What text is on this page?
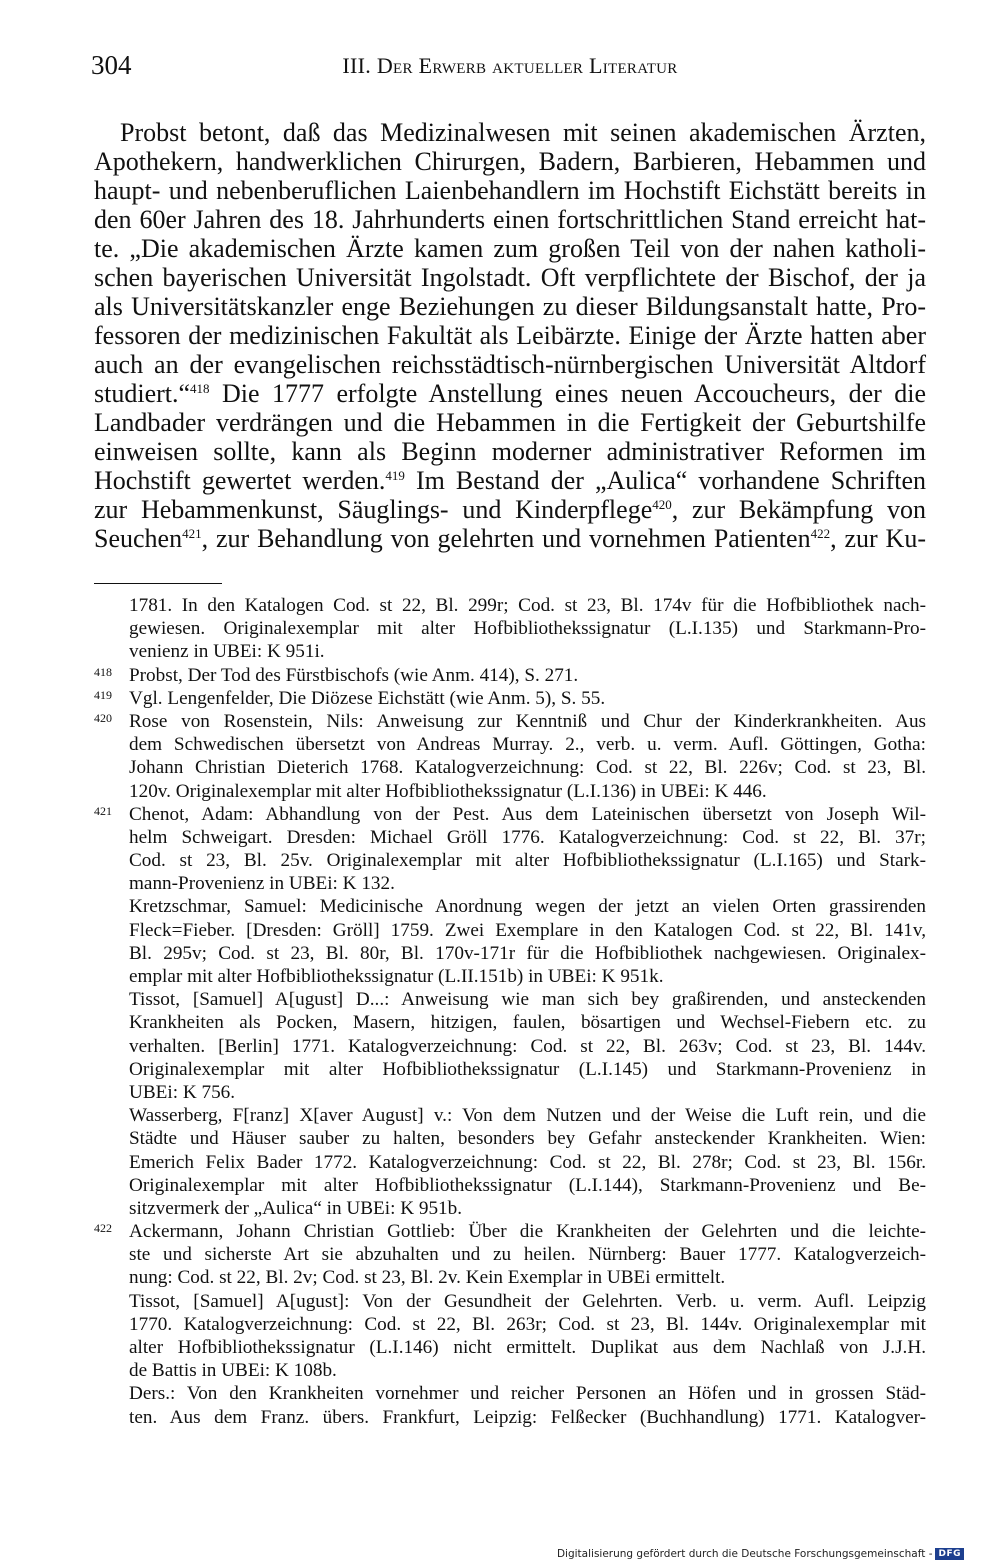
304	III. Der Erwerb aktueller Literatur

Probst betont, daß das Medizinalwesen mit seinen akademischen Ärzten,
Apothekern, handwerklichen Chirurgen, Badern, Barbieren, Hebammen und
haupt- und nebenberuflichen Laienbehandlern im Hochstift Eichstätt bereits in
den 60er Jahren des 18. Jahrhunderts einen fortschrittlichen Stand erreicht hat-
te. „Die akademischen Ärzte kamen zum großen Teil von der nahen katholi-
schen bayerischen Universität Ingolstadt. Oft verpflichtete der Bischof, der ja
als Universitätskanzler enge Beziehungen zu dieser Bildungsanstalt hatte, Pro-
fessoren der medizinischen Fakultät als Leibärzte. Einige der Ärzte hatten aber
auch an der evangelischen reichsstädtisch-nürnbergischen Universität Altdorf
studiert.“$^{418}$ Die 1777 erfolgte Anstellung eines neuen Accoucheurs, der die
Landbader verdrängen und die Hebammen in die Fertigkeit der Geburtshilfe
einweisen sollte, kann als Beginn moderner administrativer Reformen im
Hochstift gewertet werden.$^{419}$ Im Bestand der „Aulica“ vorhandene Schriften
zur Hebammenkunst, Säuglings- und Kinderpflege$^{420}$, zur Bekämpfung von
Seuchen$^{421}$, zur Behandlung von gelehrten und vornehmen Patienten$^{422}$, zur Ku-

1781. In den Katalogen Cod. st 22, Bl. 299r; Cod. st 23, Bl. 174v für die Hofbibliothek nach-
gewiesen. Originalexemplar mit alter Hofbibliothekssignatur (L.I.135) und Starkmann-Pro-
venienz in UBEi: K 951i.
418 Probst, Der Tod des Fürstbischofs (wie Anm. 414), S. 271.
419 Vgl. Lengenfelder, Die Diözese Eichstätt (wie Anm. 5), S. 55.
420 Rose von Rosenstein, Nils: Anweisung zur Kenntniß und Chur der Kinderkrankheiten. Aus
dem Schwedischen übersetzt von Andreas Murray. 2., verb. u. verm. Aufl. Göttingen, Gotha:
Johann Christian Dieterich 1768. Katalogverzeichnung: Cod. st 22, Bl. 226v; Cod. st 23, Bl.
120v. Originalexemplar mit alter Hofbibliothekssignatur (L.I.136) in UBEi: K 446.
421 Chenot, Adam: Abhandlung von der Pest. Aus dem Lateinischen übersetzt von Joseph Wil-
helm Schweigart. Dresden: Michael Gröll 1776. Katalogverzeichnung: Cod. st 22, Bl. 37r;
Cod. st 23, Bl. 25v. Originalexemplar mit alter Hofbibliothekssignatur (L.I.165) und Stark-
mann-Provenienz in UBEi: K 132.
Kretzschmar, Samuel: Medicinische Anordnung wegen der jetzt an vielen Orten grassirenden
Fleck=Fieber. [Dresden: Gröll] 1759. Zwei Exemplare in den Katalogen Cod. st 22, Bl. 141v,
Bl. 295v; Cod. st 23, Bl. 80r, Bl. 170v-171r für die Hofbibliothek nachgewiesen. Originalex-
emplar mit alter Hofbibliothekssignatur (L.II.151b) in UBEi: K 951k.
Tissot, [Samuel] A[ugust] D...: Anweisung wie man sich bey graßirenden, und ansteckenden
Krankheiten als Pocken, Masern, hitzigen, faulen, bösartigen und Wechsel-Fiebern etc. zu
verhalten. [Berlin] 1771. Katalogverzeichnung: Cod. st 22, Bl. 263v; Cod. st 23, Bl. 144v.
Originalexemplar mit alter Hofbibliothekssignatur (L.I.145) und Starkmann-Provenienz in
UBEi: K 756.
Wasserberg, F[ranz] X[aver August] v.: Von dem Nutzen und der Weise die Luft rein, und die
Städte und Häuser sauber zu halten, besonders bey Gefahr ansteckender Krankheiten. Wien:
Emerich Felix Bader 1772. Katalogverzeichnung: Cod. st 22, Bl. 278r; Cod. st 23, Bl. 156r.
Originalexemplar mit alter Hofbibliothekssignatur (L.I.144), Starkmann-Provenienz und Be-
sitzvermerk der „Aulica“ in UBEi: K 951b.
422 Ackermann, Johann Christian Gottlieb: Über die Krankheiten der Gelehrten und die leichte-
ste und sicherste Art sie abzuhalten und zu heilen. Nürnberg: Bauer 1777. Katalogverzeich-
nung: Cod. st 22, Bl. 2v; Cod. st 23, Bl. 2v. Kein Exemplar in UBEi ermittelt.
Tissot, [Samuel] A[ugust]: Von der Gesundheit der Gelehrten. Verb. u. verm. Aufl. Leipzig
1770. Katalogverzeichnung: Cod. st 22, Bl. 263r; Cod. st 23, Bl. 144v. Originalexemplar mit
alter Hofbibliothekssignatur (L.I.146) nicht ermittelt. Duplikat aus dem Nachlaß von J.J.H.
de Battis in UBEi: K 108b.
Ders.: Von den Krankheiten vornehmer und reicher Personen an Höfen und in grossen Städ-
ten. Aus dem Franz. übers. Frankfurt, Leipzig: Felßecker (Buchhandlung) 1771. Katalogver-
Digitalisierung gefördert durch die Deutsche Forschungsgemeinschaft - DFG
